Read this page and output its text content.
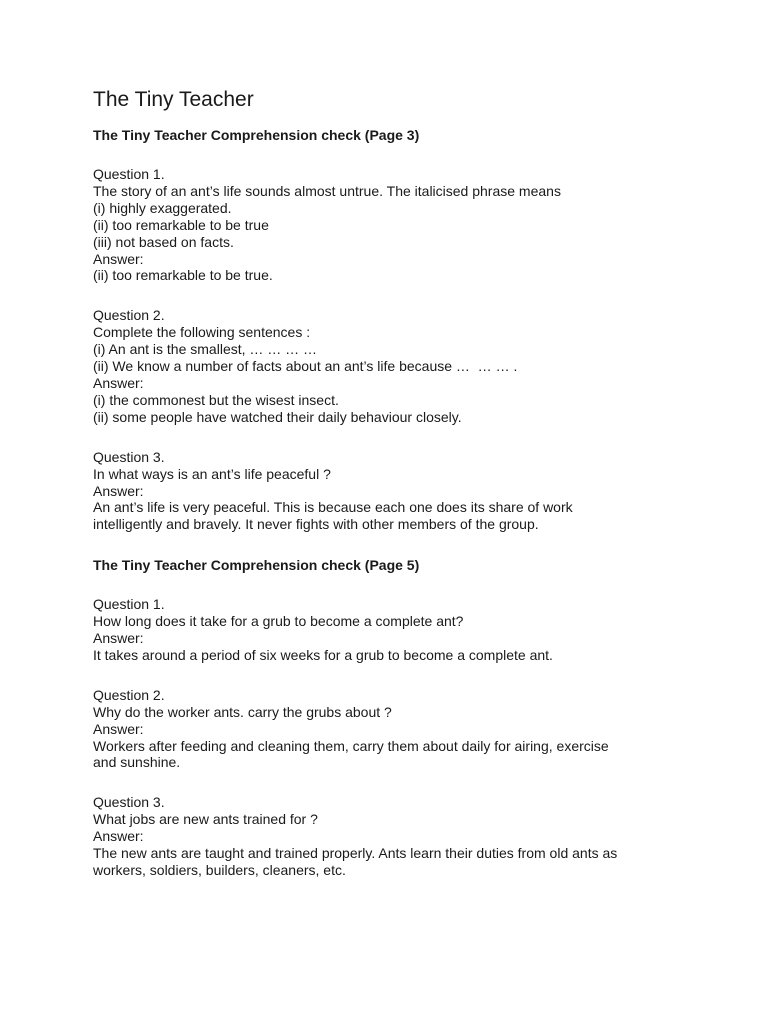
The Tiny Teacher
The Tiny Teacher Comprehension check (Page 3)
Question 1.
The story of an ant’s life sounds almost untrue. The italicised phrase means
(i) highly exaggerated.
(ii) too remarkable to be true
(iii) not based on facts.
Answer:
(ii) too remarkable to be true.
Question 2.
Complete the following sentences :
(i) An ant is the smallest, … … … …
(ii) We know a number of facts about an ant’s life because …  … … .
Answer:
(i) the commonest but the wisest insect.
(ii) some people have watched their daily behaviour closely.
Question 3.
In what ways is an ant’s life peaceful ?
Answer:
An ant’s life is very peaceful. This is because each one does its share of work
intelligently and bravely. It never fights with other members of the group.
The Tiny Teacher Comprehension check (Page 5)
Question 1.
How long does it take for a grub to become a complete ant?
Answer:
It takes around a period of six weeks for a grub to become a complete ant.
Question 2.
Why do the worker ants. carry the grubs about ?
Answer:
Workers after feeding and cleaning them, carry them about daily for airing, exercise
and sunshine.
Question 3.
What jobs are new ants trained for ?
Answer:
The new ants are taught and trained properly. Ants learn their duties from old ants as
workers, soldiers, builders, cleaners, etc.
